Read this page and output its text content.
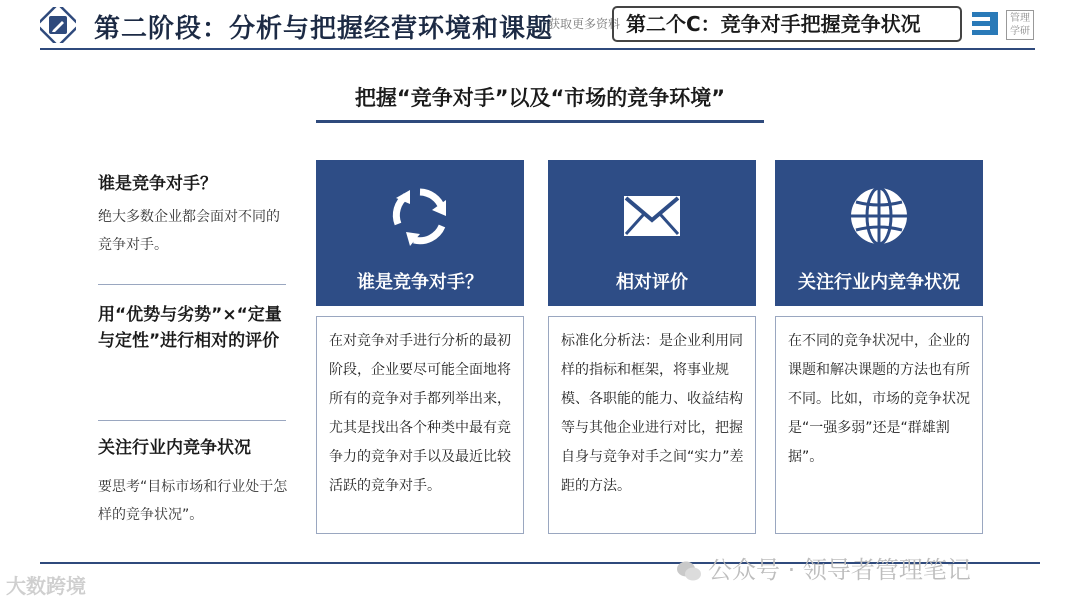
第二阶段：分析与把握经营环境和课题
获取更多资料 第二个C：竞争对手把握竞争状况	管理 学研
把握“竞争对手”以及“市场的竞争环境”
谁是竞争对手？
绝大多数企业都会面对不同的竞争对手。
用“优势与劣势”×“定量与定性”进行相对的评价
关注行业内竞争状况
要思考“目标市场和行业处于怎样的竞争状况”。
谁是竞争对手？
在对竞争对手进行分析的最初阶段，企业要尽可能全面地将所有的竞争对手都列举出来，尤其是找出各个种类中最有竞争力的竞争对手以及最近比较活跃的竞争对手。
相对评价
标准化分析法：是企业利用同样的指标和框架，将事业规模、各职能的能力、收益结构等与其他企业进行对比，把握自身与竞争对手之间“实力”差距的方法。
关注行业内竞争状况
在不同的竞争状况中，企业的课题和解决课题的方法也有所不同。比如，市场的竞争状况是“一强多弱”还是“群雄割据”。
公众号 · 领导者管理笔记
大数跨境
